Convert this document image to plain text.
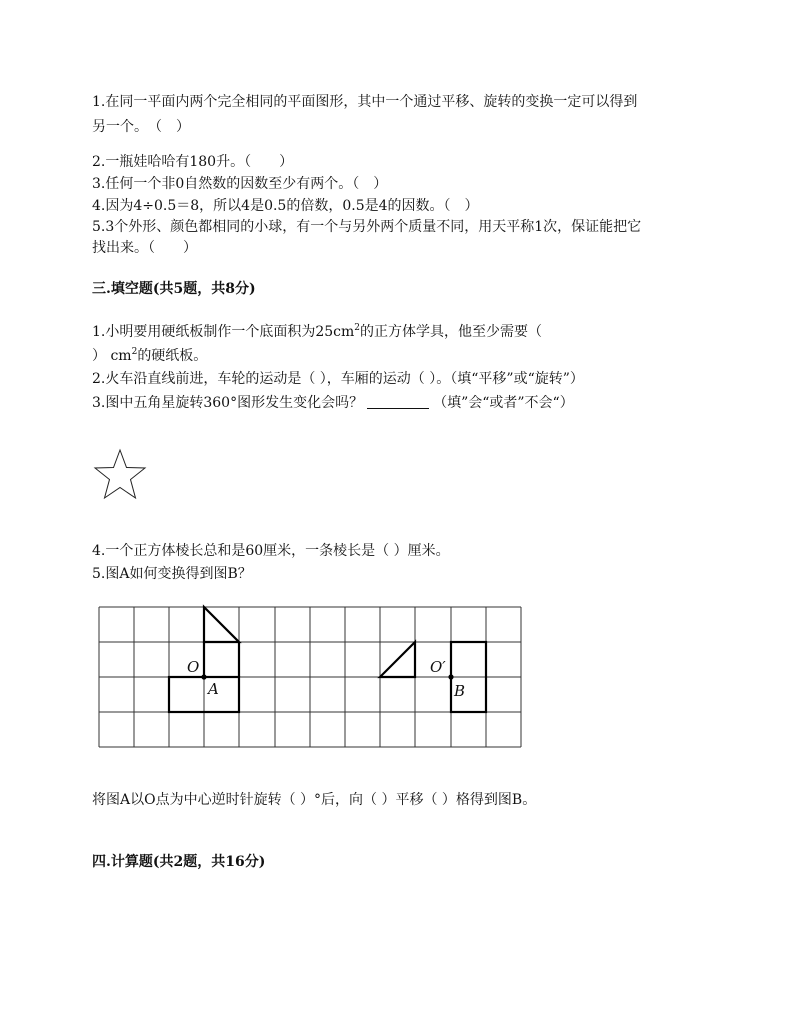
1.在同一平面内两个完全相同的平面图形，其中一个通过平移、旋转的变换一定可以得到
另一个。　（　）
2.一瓶娃哈哈有180升。（　　）
3.任何一个非0自然数的因数至少有两个。（　）
4.因为4÷0.5＝8，所以4是0.5的倍数，0.5是4的因数。（　）
5.3个外形、颜色都相同的小球，有一个与另外两个质量不同，用天平称1次，保证能把它
找出来。（　　）
三.填空题(共5题，共8分)
1.小明要用硬纸板制作一个底面积为$25cm^2$的正方体学具，他至少需要（
） $cm^2$的硬纸板。
2.火车沿直线前进，车轮的运动是（ ），车厢的运动（ ）。（填“平移”或“旋转”）
3.图中五角星旋转360°图形发生变化会吗？	（填”会“或者”不会“）
4.一个正方体棱长总和是60厘米，一条棱长是（ ）厘米。
5.图A如何变换得到图B？
O
A
O′
B
将图A以O点为中心逆时针旋转（ ）°后，向（ ）平移（ ）格得到图B。
四.计算题(共2题，共16分)
